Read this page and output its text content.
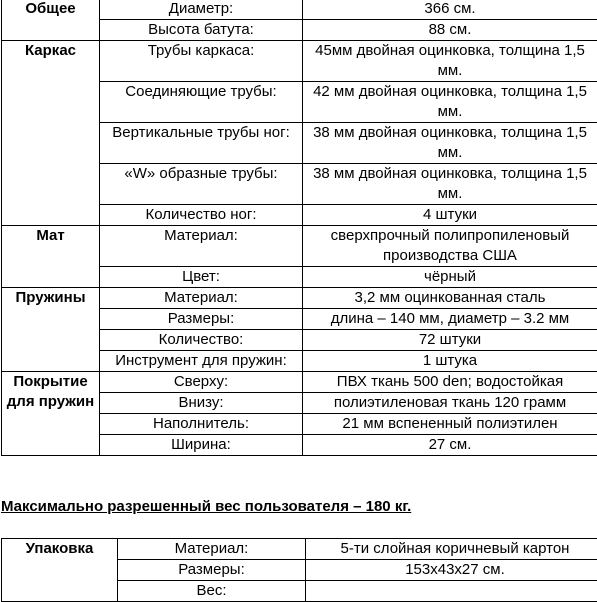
Общее	Диаметр:	366 см.
	Высота батута:	88 см.
Каркас	Трубы каркаса:	45мм двойная оцинковка, толщина 1,5 мм.
	Соединяющие трубы:	42 мм двойная оцинковка, толщина 1,5 мм.
	Вертикальные трубы ног:	38 мм двойная оцинковка, толщина 1,5 мм.
	«W» образные трубы:	38 мм двойная оцинковка, толщина 1,5 мм.
	Количество ног:	4 штуки
Мат	Материал:	сверхпрочный полипропиленовый производства США
	Цвет:	чёрный
Пружины	Материал:	3,2 мм оцинкованная сталь
	Размеры:	длина – 140 мм, диаметр – 3.2 мм
	Количество:	72 штуки
	Инструмент для пружин:	1 штука
Покрытие для пружин	Сверху:	ПВХ ткань 500 den; водостойкая
	Внизу:	полиэтиленовая ткань 120 грамм
	Наполнитель:	21 мм вспененный полиэтилен
	Ширина:	27 см.

Максимально разрешенный вес пользователя – 180 кг.

Упаковка	Материал:	5-ти слойная коричневый картон
	Размеры:	153x43x27 см.
	Вес:	
